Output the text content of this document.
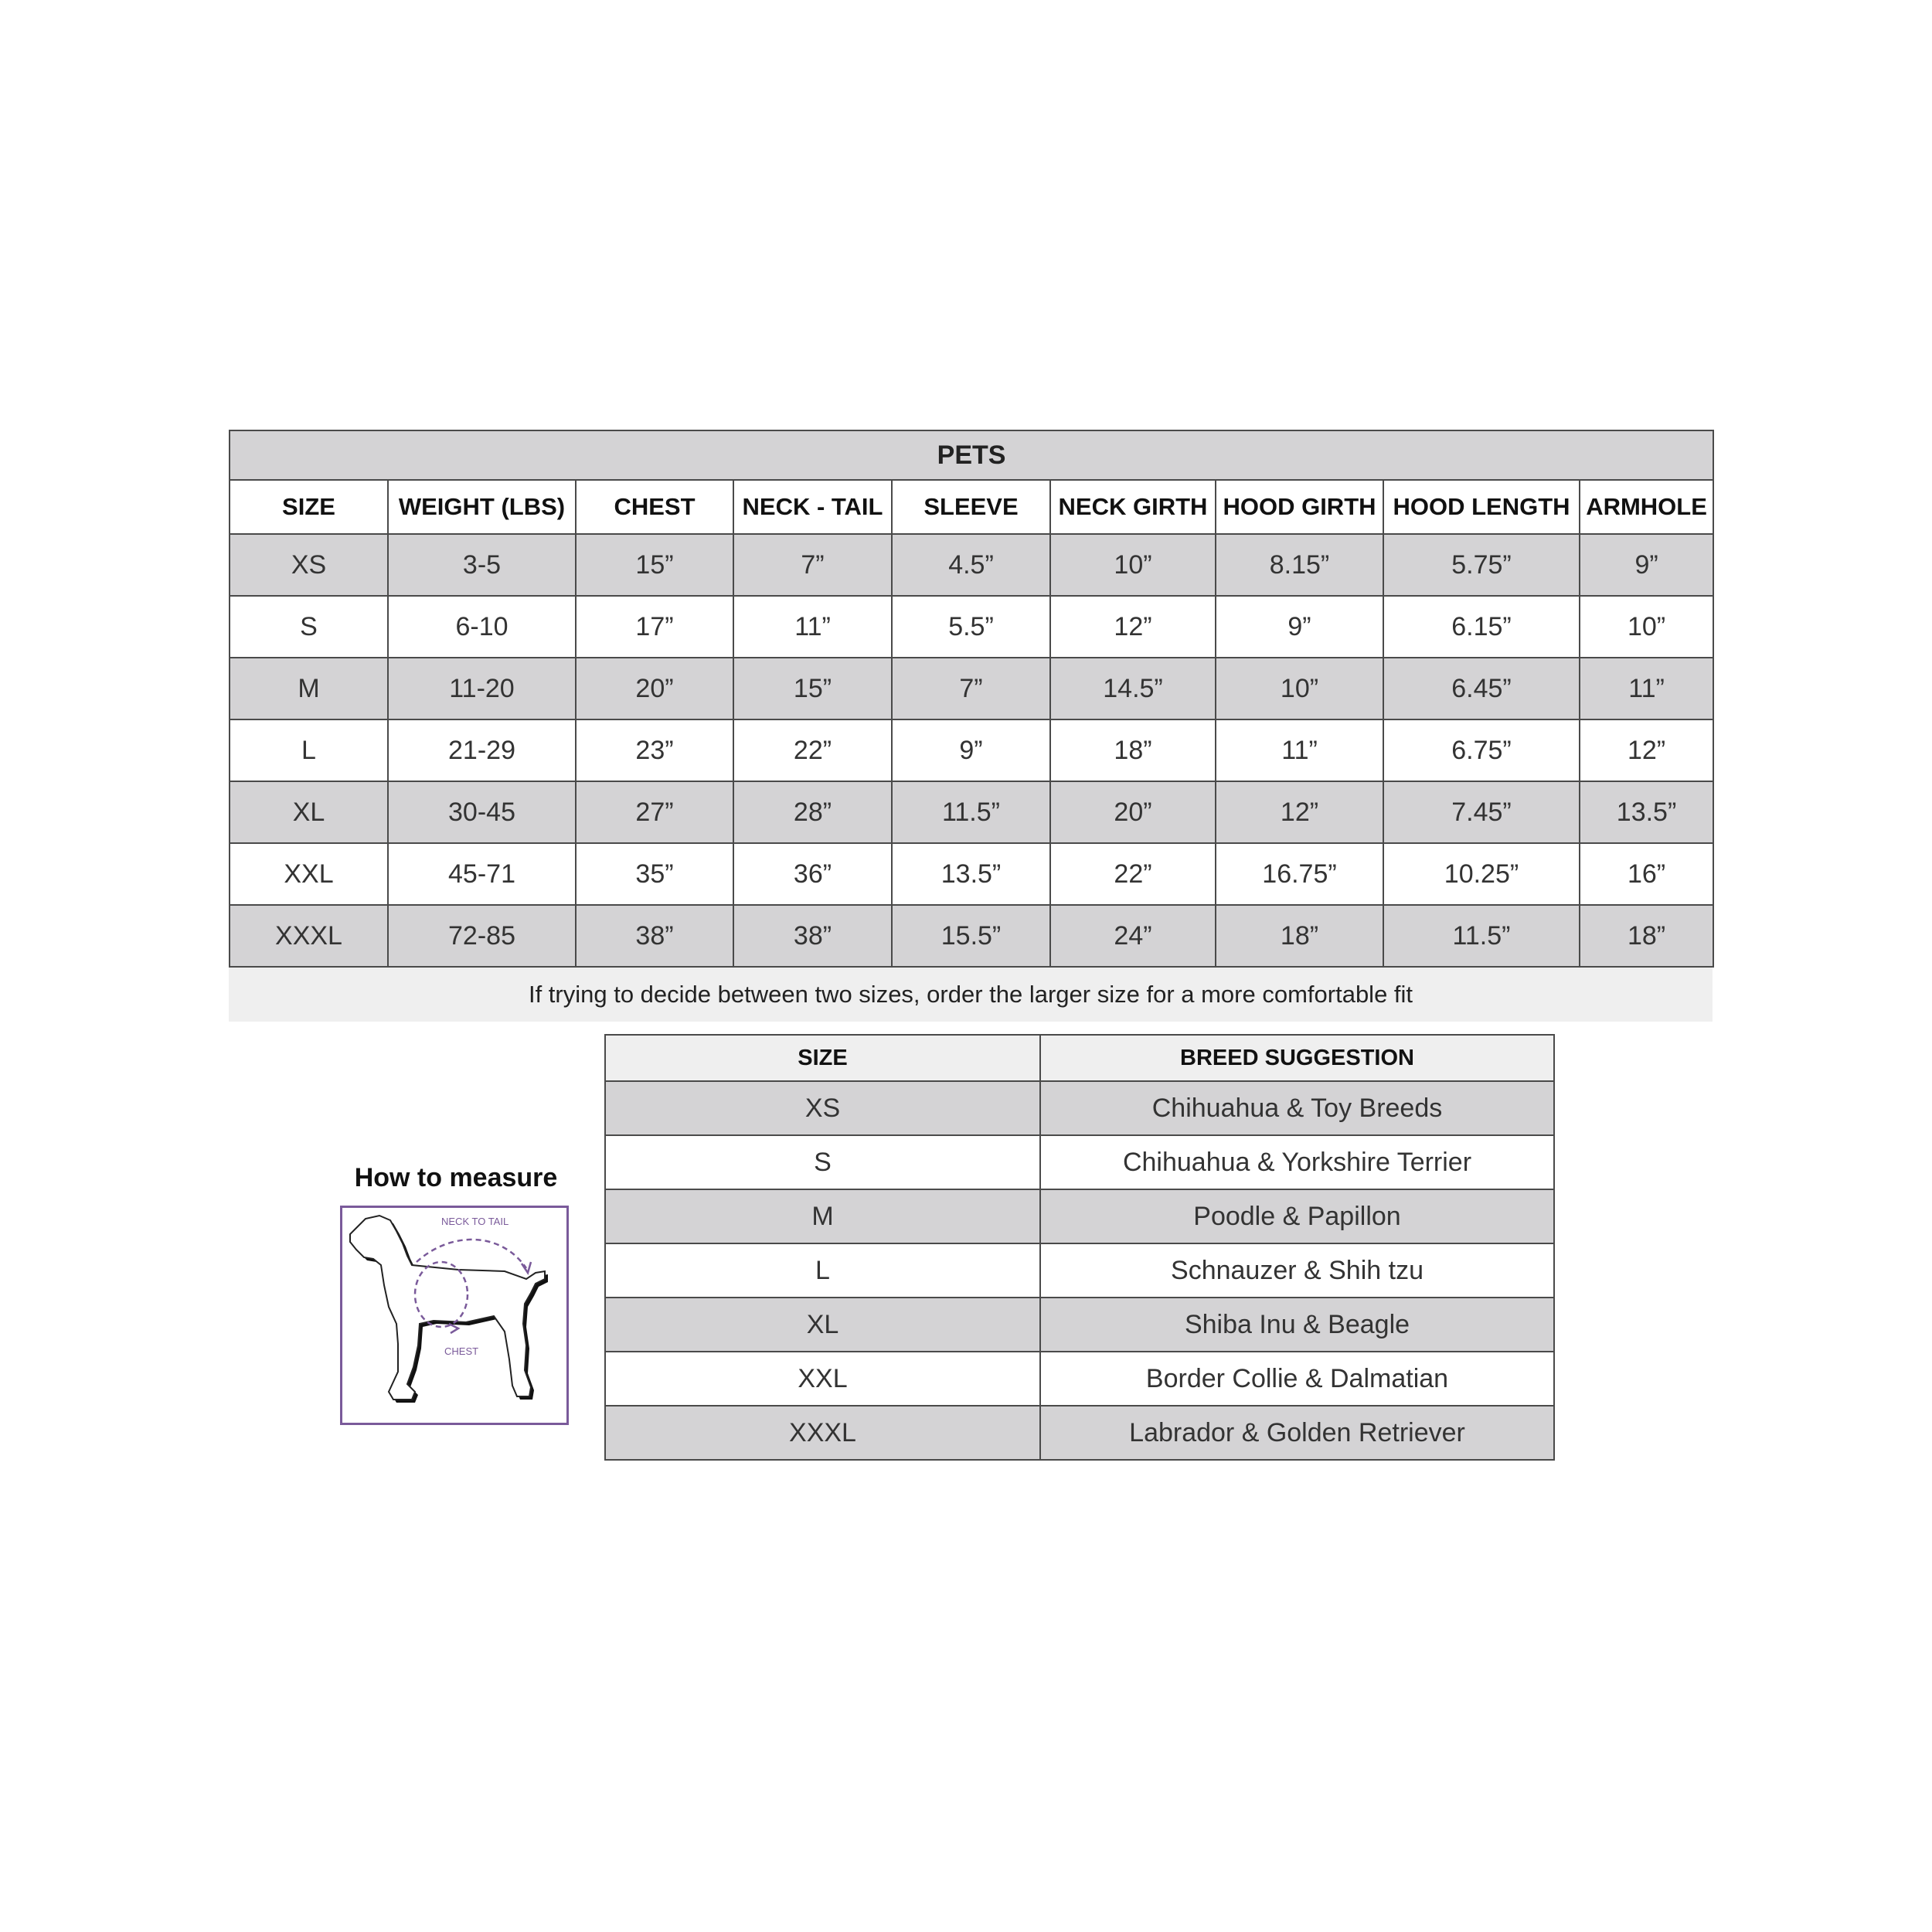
PETS								
SIZE	WEIGHT (LBS)	CHEST	NECK - TAIL	SLEEVE	NECK GIRTH	HOOD GIRTH	HOOD LENGTH	ARMHOLE
XS	3-5	15”	7”	4.5”	10”	8.15”	5.75”	9”
S	6-10	17”	11”	5.5”	12”	9”	6.15”	10”
M	11-20	20”	15”	7”	14.5”	10”	6.45”	11”
L	21-29	23”	22”	9”	18”	11”	6.75”	12”
XL	30-45	27”	28”	11.5”	20”	12”	7.45”	13.5”
XXL	45-71	35”	36”	13.5”	22”	16.75”	10.25”	16”
XXXL	72-85	38”	38”	15.5”	24”	18”	11.5”	18”
If trying to decide between two sizes, order the larger size for a more comfortable fit
How to measure
NECK TO TAIL
CHEST
SIZE	BREED SUGGESTION
XS	Chihuahua & Toy Breeds
S	Chihuahua & Yorkshire Terrier
M	Poodle & Papillon
L	Schnauzer & Shih tzu
XL	Shiba Inu & Beagle
XXL	Border Collie & Dalmatian
XXXL	Labrador & Golden Retriever
